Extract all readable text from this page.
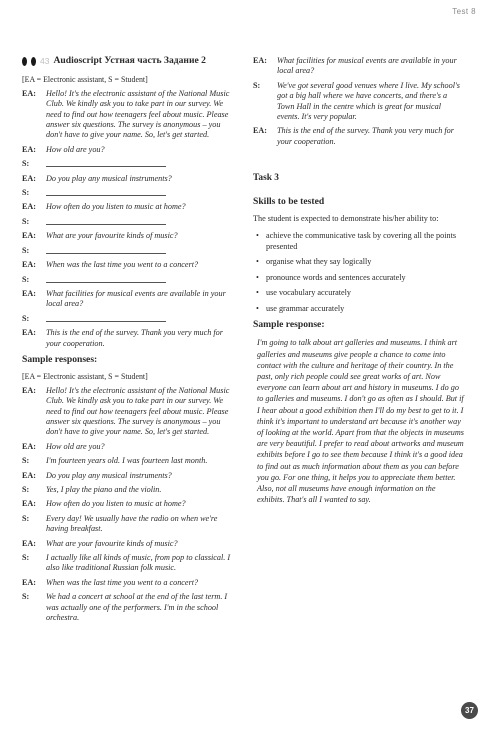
Test 8
43 Audioscript Устная часть Задание 2
[EA = Electronic assistant, S = Student]
EA:	Hello! It's the electronic assistant of the National Music Club. We kindly ask you to take part in our survey. We need to find out how teenagers feel about music. Please answer six questions. The survey is anonymous – you don't have to give your name. So, let's get started.
EA:	How old are you?
S:
EA:	Do you play any musical instruments?
S:
EA:	How often do you listen to music at home?
S:
EA:	What are your favourite kinds of music?
S:
EA:	When was the last time you went to a concert?
S:
EA:	What facilities for musical events are available in your local area?
S:
EA:	This is the end of the survey. Thank you very much for your cooperation.
Sample responses:
[EA = Electronic assistant, S = Student]
EA:	Hello! It's the electronic assistant of the National Music Club. We kindly ask you to take part in our survey. We need to find out how teenagers feel about music. Please answer six questions. The survey is anonymous – you don't have to give your name. So, let's get started.
EA:	How old are you?
S:	I'm fourteen years old. I was fourteen last month.
EA:	Do you play any musical instruments?
S:	Yes, I play the piano and the violin.
EA:	How often do you listen to music at home?
S:	Every day! We usually have the radio on when we're having breakfast.
EA:	What are your favourite kinds of music?
S:	I actually like all kinds of music, from pop to classical. I also like traditional Russian folk music.
EA:	When was the last time you went to a concert?
S:	We had a concert at school at the end of the last term. I was actually one of the performers. I'm in the school orchestra.
EA:	What facilities for musical events are available in your local area?
S:	We've got several good venues where I live. My school's got a big hall where we have concerts, and there's a Town Hall in the centre which is great for musical events. It's very popular.
EA:	This is the end of the survey. Thank you very much for your cooperation.
Task 3
Skills to be tested
The student is expected to demonstrate his/her ability to:
• achieve the communicative task by covering all the points presented
• organise what they say logically
• pronounce words and sentences accurately
• use vocabulary accurately
• use grammar accurately
Sample response:
I'm going to talk about art galleries and museums. I think art galleries and museums give people a chance to come into contact with the culture and heritage of their country. In the past, only rich people could see great works of art. Now everyone can learn about art and history in museums. I do go to galleries and museums. I don't go as often as I should. But if I hear about a good exhibition then I'll do my best to get to it. I think it's important to understand art because it's another way of looking at the world. Apart from that the objects in museums are very beautiful. I prefer to read about artworks and museum exhibits before I go to see them because I think it's a good idea to find out as much information about them as you can before you go. For one thing, it helps you to appreciate them better. Also, not all museums have enough information on the exhibits. That's all I wanted to say.
37
